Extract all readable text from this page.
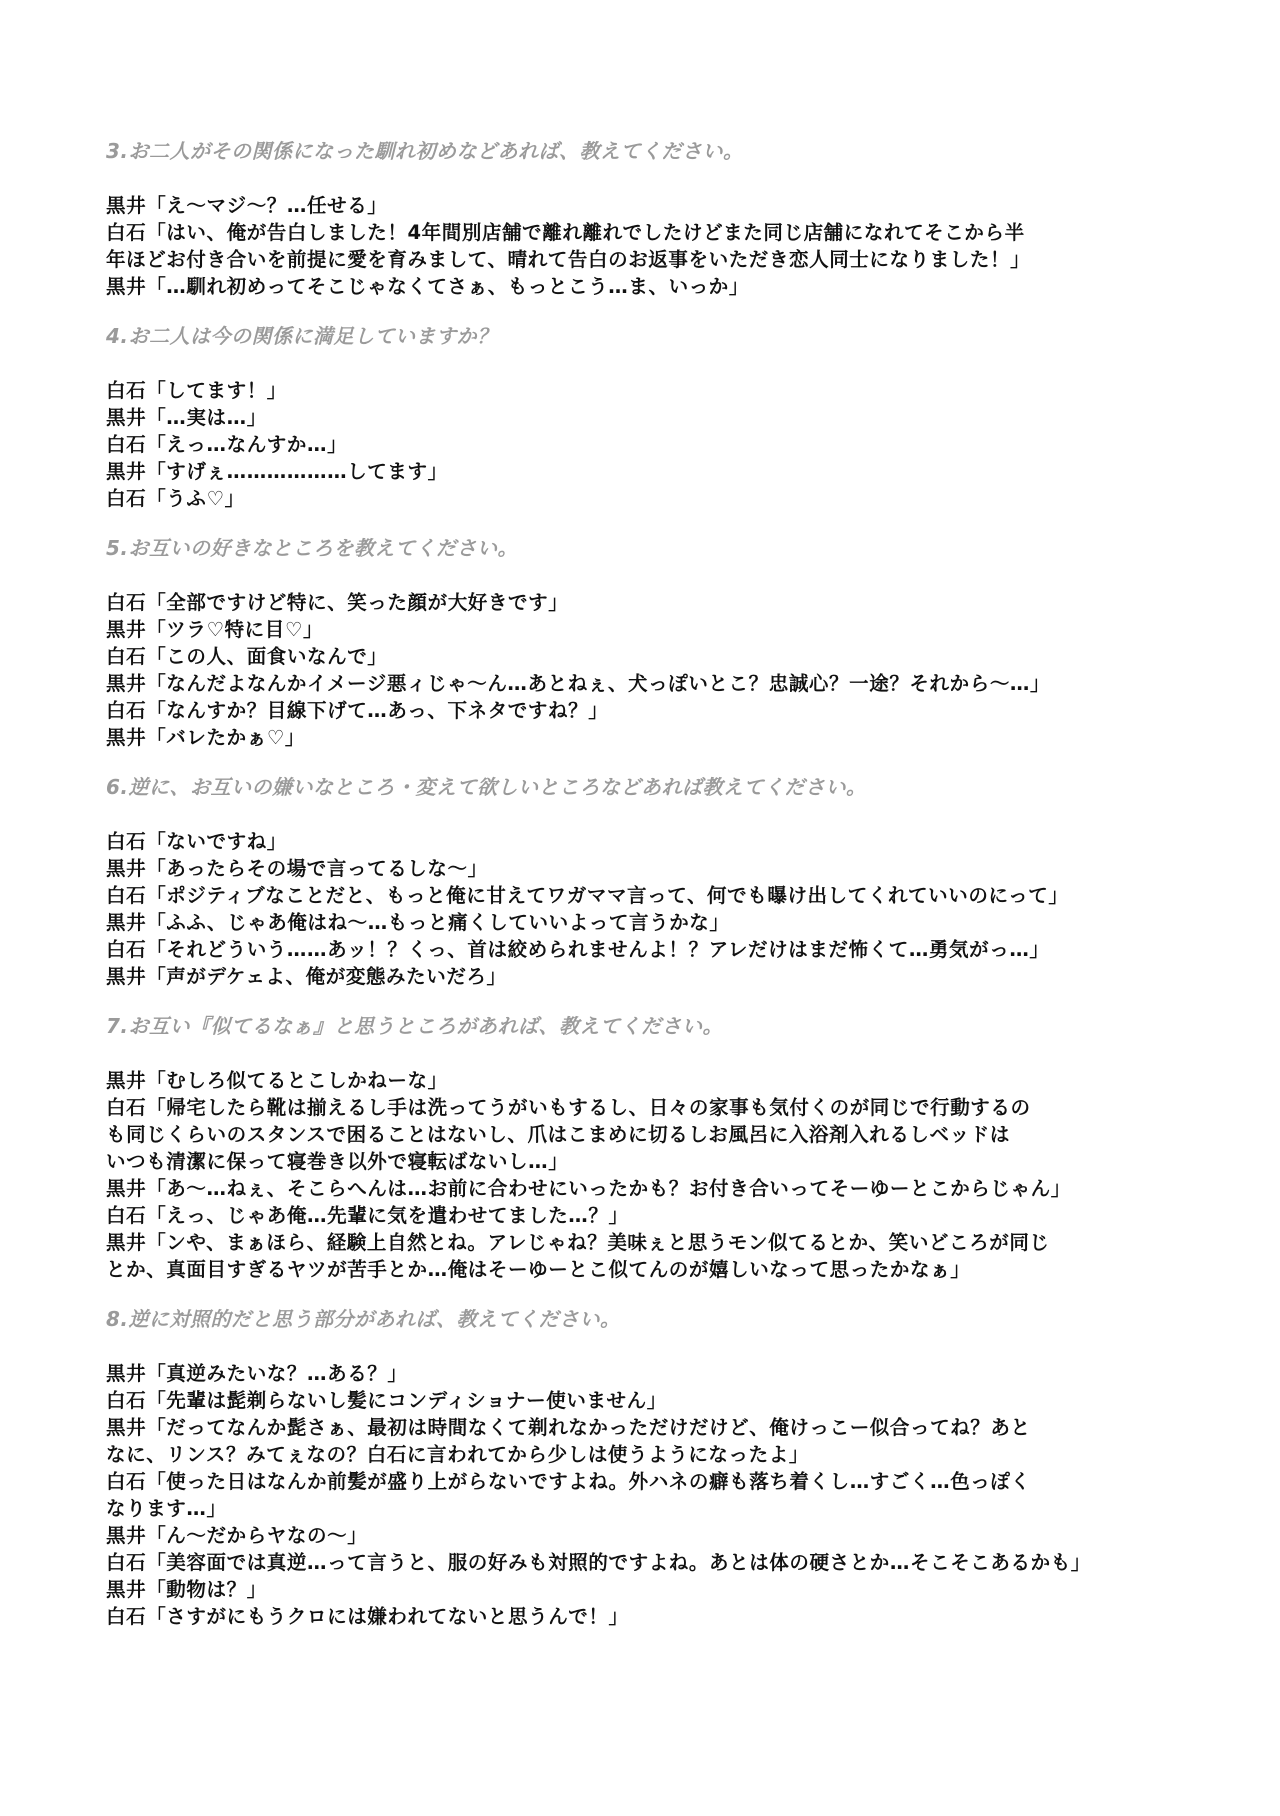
3.お二人がその関係になった馴れ初めなどあれば、教えてください。
黒井「え～マジ～？…任せる」
白石「はい、俺が告白しました！4年間別店舗で離れ離れでしたけどまた同じ店舗になれてそこから半
年ほどお付き合いを前提に愛を育みまして、晴れて告白のお返事をいただき恋人同士になりました！」
黒井「…馴れ初めってそこじゃなくてさぁ、もっとこう…ま、いっか」
4.お二人は今の関係に満足していますか？
白石「してます！」
黒井「…実は…」
白石「えっ…なんすか…」
黒井「すげぇ………………してます」
白石「うふ♡」
5.お互いの好きなところを教えてください。
白石「全部ですけど特に、笑った顔が大好きです」
黒井「ツラ♡特に目♡」
白石「この人、面食いなんで」
黒井「なんだよなんかイメージ悪ィじゃ～ん…あとねぇ、犬っぽいとこ？忠誠心？一途？それから～…」
白石「なんすか？目線下げて…あっ、下ネタですね？」
黒井「バレたかぁ♡」
6.逆に、お互いの嫌いなところ・変えて欲しいところなどあれば教えてください。
白石「ないですね」
黒井「あったらその場で言ってるしな～」
白石「ポジティブなことだと、もっと俺に甘えてワガママ言って、何でも曝け出してくれていいのにって」
黒井「ふふ、じゃあ俺はね～…もっと痛くしていいよって言うかな」
白石「それどういう……あッ！？くっ、首は絞められませんよ！？アレだけはまだ怖くて…勇気がっ…」
黒井「声がデケェよ、俺が変態みたいだろ」
7.お互い『似てるなぁ』と思うところがあれば、教えてください。
黒井「むしろ似てるとこしかねーな」
白石「帰宅したら靴は揃えるし手は洗ってうがいもするし、日々の家事も気付くのが同じで行動するの
も同じくらいのスタンスで困ることはないし、爪はこまめに切るしお風呂に入浴剤入れるしベッドは
いつも清潔に保って寝巻き以外で寝転ばないし…」
黒井「あ～…ねぇ、そこらへんは…お前に合わせにいったかも？お付き合いってそーゆーとこからじゃん」
白石「えっ、じゃあ俺…先輩に気を遣わせてました…？」
黒井「ンや、まぁほら、経験上自然とね。アレじゃね？美味ぇと思うモン似てるとか、笑いどころが同じ
とか、真面目すぎるヤツが苦手とか…俺はそーゆーとこ似てんのが嬉しいなって思ったかなぁ」
8.逆に対照的だと思う部分があれば、教えてください。
黒井「真逆みたいな？…ある？」
白石「先輩は髭剃らないし髪にコンディショナー使いません」
黒井「だってなんか髭さぁ、最初は時間なくて剃れなかっただけだけど、俺けっこー似合ってね？あと
なに、リンス？みてぇなの？白石に言われてから少しは使うようになったよ」
白石「使った日はなんか前髪が盛り上がらないですよね。外ハネの癖も落ち着くし…すごく…色っぽく
なります…」
黒井「ん～だからヤなの～」
白石「美容面では真逆…って言うと、服の好みも対照的ですよね。あとは体の硬さとか…そこそこあるかも」
黒井「動物は？」
白石「さすがにもうクロには嫌われてないと思うんで！」
